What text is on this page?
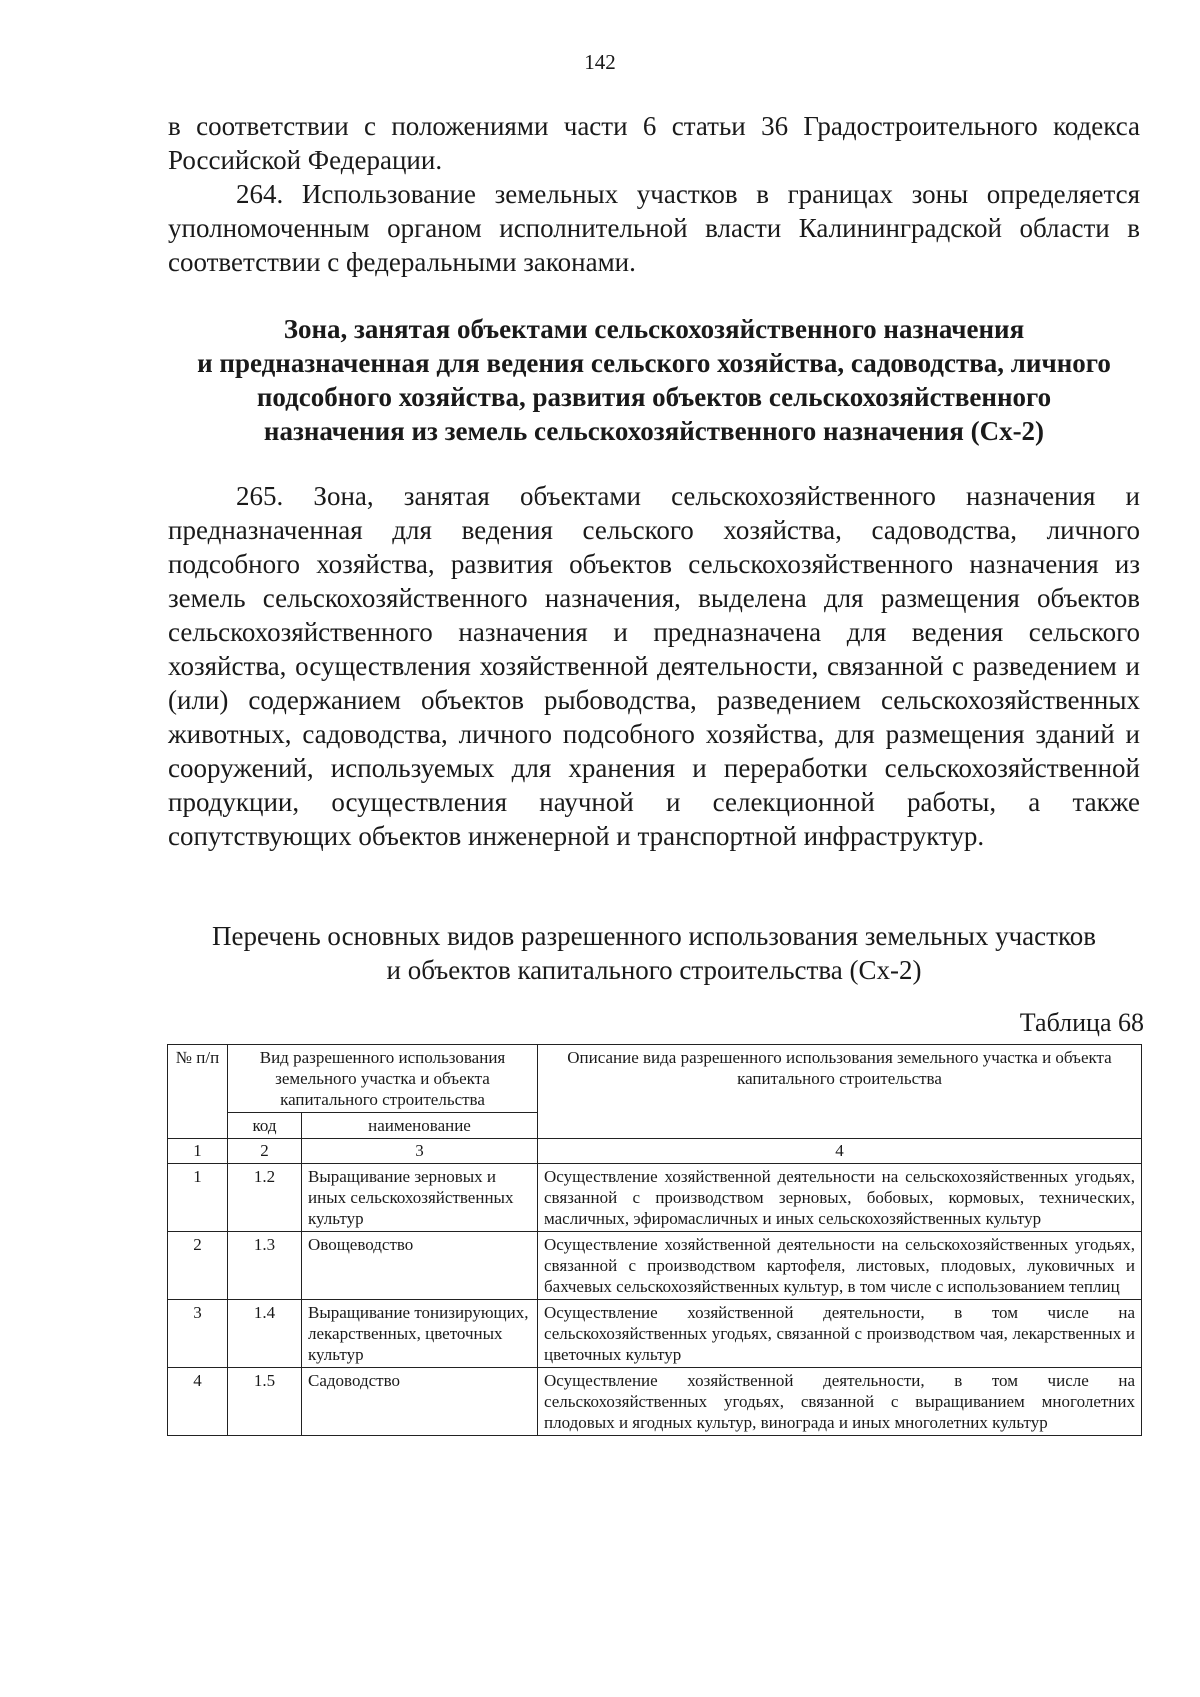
142

в соответствии с положениями части 6 статьи 36 Градостроительного кодекса Российской Федерации.

264. Использование земельных участков в границах зоны определяется уполномоченным органом исполнительной власти Калининградской области в соответствии с федеральными законами.

Зона, занятая объектами сельскохозяйственного назначения
и предназначенная для ведения сельского хозяйства, садоводства, личного
подсобного хозяйства, развития объектов сельскохозяйственного
назначения из земель сельскохозяйственного назначения (Сх-2)

265. Зона, занятая объектами сельскохозяйственного назначения и предназначенная для ведения сельского хозяйства, садоводства, личного подсобного хозяйства, развития объектов сельскохозяйственного назначения из земель сельскохозяйственного назначения, выделена для размещения объектов сельскохозяйственного назначения и предназначена для ведения сельского хозяйства, осуществления хозяйственной деятельности, связанной с разведением и (или) содержанием объектов рыбоводства, разведением сельскохозяйственных животных, садоводства, личного подсобного хозяйства, для размещения зданий и сооружений, используемых для хранения и переработки сельскохозяйственной продукции, осуществления научной и селекционной работы, а также сопутствующих объектов инженерной и транспортной инфраструктур.

Перечень основных видов разрешенного использования земельных участков
и объектов капитального строительства (Сх-2)
Таблица 68
№ п/п	Вид разрешенного использования земельного участка и объекта капитального строительства		Описание вида разрешенного использования земельного участка и объекта капитального строительства
	код	наименование	
1	2	3	4
1	1.2	Выращивание зерновых и иных сельскохозяйственных культур	Осуществление хозяйственной деятельности на сельскохозяйственных угодьях, связанной с производством зерновых, бобовых, кормовых, технических, масличных, эфиромасличных и иных сельскохозяйственных культур
2	1.3	Овощеводство	Осуществление хозяйственной деятельности на сельскохозяйственных угодьях, связанной с производством картофеля, листовых, плодовых, луковичных и бахчевых сельскохозяйственных культур, в том числе с использованием теплиц
3	1.4	Выращивание тонизирующих, лекарственных, цветочных культур	Осуществление хозяйственной деятельности, в том числе на сельскохозяйственных угодьях, связанной с производством чая, лекарственных и цветочных культур
4	1.5	Садоводство	Осуществление хозяйственной деятельности, в том числе на сельскохозяйственных угодьях, связанной с выращиванием многолетних плодовых и ягодных культур, винограда и иных многолетних культур
